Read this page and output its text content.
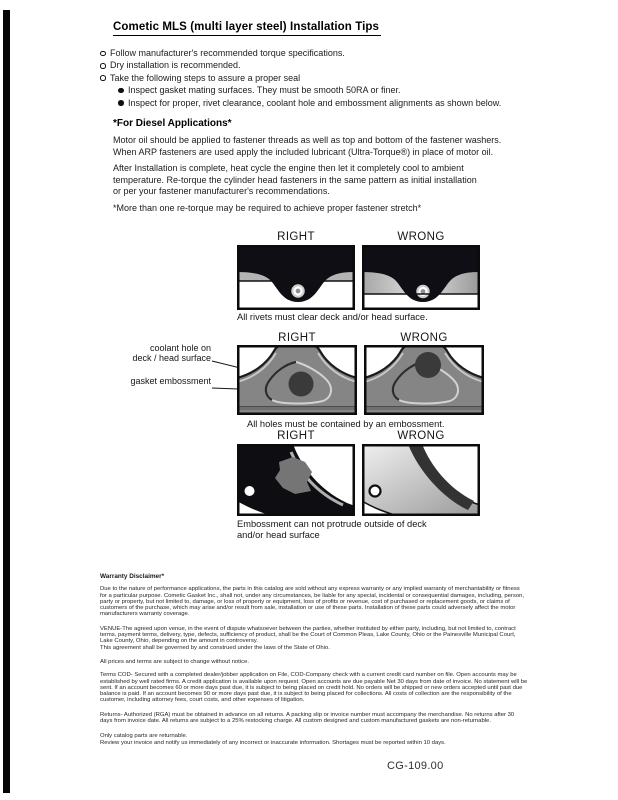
Cometic MLS (multi layer steel) Installation Tips
Follow manufacturer's recommended torque specifications.
Dry installation is recommended.
Take the following steps to assure a proper seal
Inspect gasket mating surfaces. They must be smooth 50RA or finer.
Inspect for proper, rivet clearance, coolant hole and embossment alignments as shown below.
*For Diesel Applications*
Motor oil should be applied to fastener threads as well as top and bottom of the fastener washers.
When ARP fasteners are used apply the included lubricant (Ultra-Torque®) in place of motor oil.
After Installation is complete, heat cycle the engine then let it completely cool to ambient
temperature. Re-torque the cylinder head fasteners in the same pattern as initial installation
or per your fastener manufacturer's recommendations.
*More than one re-torque may be required to achieve proper fastener stretch*
RIGHT	WRONG
All rivets must clear deck and/or head surface.
RIGHT	WRONG
coolant hole on
deck / head surface
gasket embossment
All holes must be contained by an embossment.
RIGHT	WRONG
Embossment can not protrude outside of deck and/or head surface
Warranty Disclaimer*

Due to the nature of performance applications, the parts in this catalog are sold without any express warranty or any implied warranty of merchantability or fitness for a particular purpose. Cometic Gasket Inc., shall not, under any circumstances, be liable for any special, incidental or consequential damages, including, person, party or property, but not limited to, damage, or loss of property or equipment, loss of profits or revenue, cost of purchased or replacement goods, or claims of customers of the purchase, which may arise and/or result from sale, installation or use of these parts. Installation of these parts could adversely affect the motor manufacturers warranty coverage.

VENUE-The agreed upon venue, in the event of dispute whatsoever between the parties, whether instituted by either party, including, but not limited to, contract terms, payment terms, delivery, type, defects, sufficiency of product, shall be the Court of Common Pleas, Lake County, Ohio or the Painesville Municipal Court, Lake County, Ohio, depending on the amount in controversy.

This agreement shall be governed by and construed under the laws of the State of Ohio.

All prices and terms are subject to change without notice.

Terms COD- Secured with a completed dealer/jobber application on File, COD-Company check with a current credit card number on file. Open accounts may be established by well rated firms. A credit application is available upon request. Open accounts are due payable Net 30 days from date of invoice. No statement will be sent. If an account becomes 60 or more days past due, it is subject to being placed on credit hold. No orders will be shipped or new orders accepted until past due balance is paid. If an account becomes 90 or more days past due, it is subject to being placed for collections. All costs of collection are the responsibility of the customer, including attorney fees, court costs, and other expenses of litigation.

Returns- Authorized (RGA) must be obtained in advance on all returns. A packing slip or invoice number must accompany the merchandise. No returns after 30 days from invoice date. All returns are subject to a 25% restocking charge. All custom designed and custom manufactured gaskets are non-returnable.

Only catalog parts are returnable.

Review your invoice and notify us immediately of any incorrect or inaccurate information. Shortages must be reported within 10 days.

CG-109.00
